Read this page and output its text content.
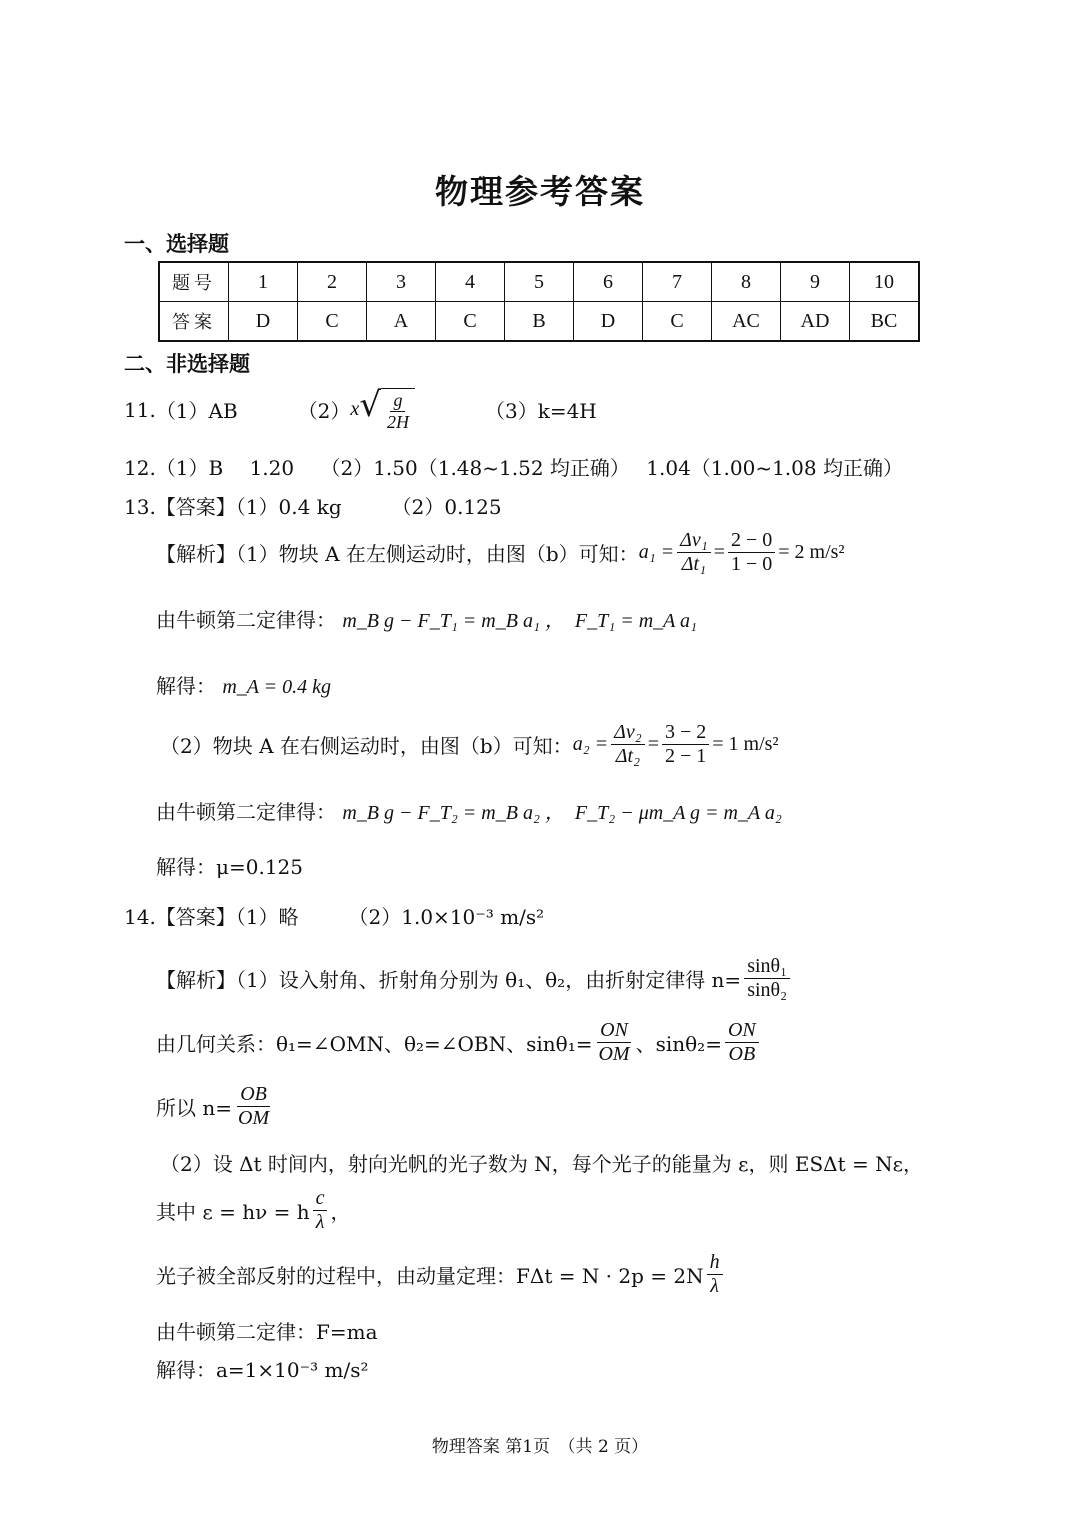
物理参考答案
一、选择题
题号	1	2	3	4	5	6	7	8	9	10
答案	D	C	A	C	B	D	C	AC	AD	BC
二、非选择题
11. （1）AB	（2） x √ $\frac{g}{2H}$	（3）k=4H
12.（1）B　 1.20　 （2）1.50（1.48~1.52 均正确）　 1.04（1.00~1.08 均正确）
13.【答案】（1）0.4 kg　　　（2）0.125
【解析】（1）物块 A 在左侧运动时，由图（b）可知： $a_1 = \frac{\text{Δv₁}}{\text{Δt₁}} = \frac{2 - 0}{1 - 0} = 2$ m/s²
由牛顿第二定律得： m_B g − F_T₁ = m_B a₁ ，　F_T₁ = m_A a₁
解得： m_A = 0.4 kg
（2）物块 A 在右侧运动时，由图（b）可知： $a_2 = \frac{\text{Δv₂}}{\text{Δt₂}} = \frac{3 - 2}{2 - 1} = 1$ m/s²
由牛顿第二定律得： m_B g − F_T₂ = m_B a₂ ，　F_T₂ − μm_A g = m_A a₂
解得：μ=0.125
14.【答案】（1）略　　　（2）1.0×10⁻³ m/s²
【解析】（1）设入射角、折射角分别为 θ₁、θ₂，由折射定律得 $n= \frac{\text{sinθ₁}}{\text{sinθ₂}}$
由几何关系：θ₁=∠OMN、θ₂=∠OBN、$\sin\theta_1= \frac{ON}{OM}$ 、$\sin\theta_2= \frac{ON}{OB}$
所以 $n= \frac{OB}{OM}$
（2）设 Δt 时间内，射向光帆的光子数为 N，每个光子的能量为 ε，则 ESΔt = Nε，
其中 ε = hν = h $\frac{c}{\lambda}$ ，
光子被全部反射的过程中，由动量定理：$F\Delta t = N \cdot 2p = 2N \frac{h}{\lambda}$
由牛顿第二定律：F=ma
解得：a=1×10⁻³ m/s²
物理答案 第1页　（共 2 页）
